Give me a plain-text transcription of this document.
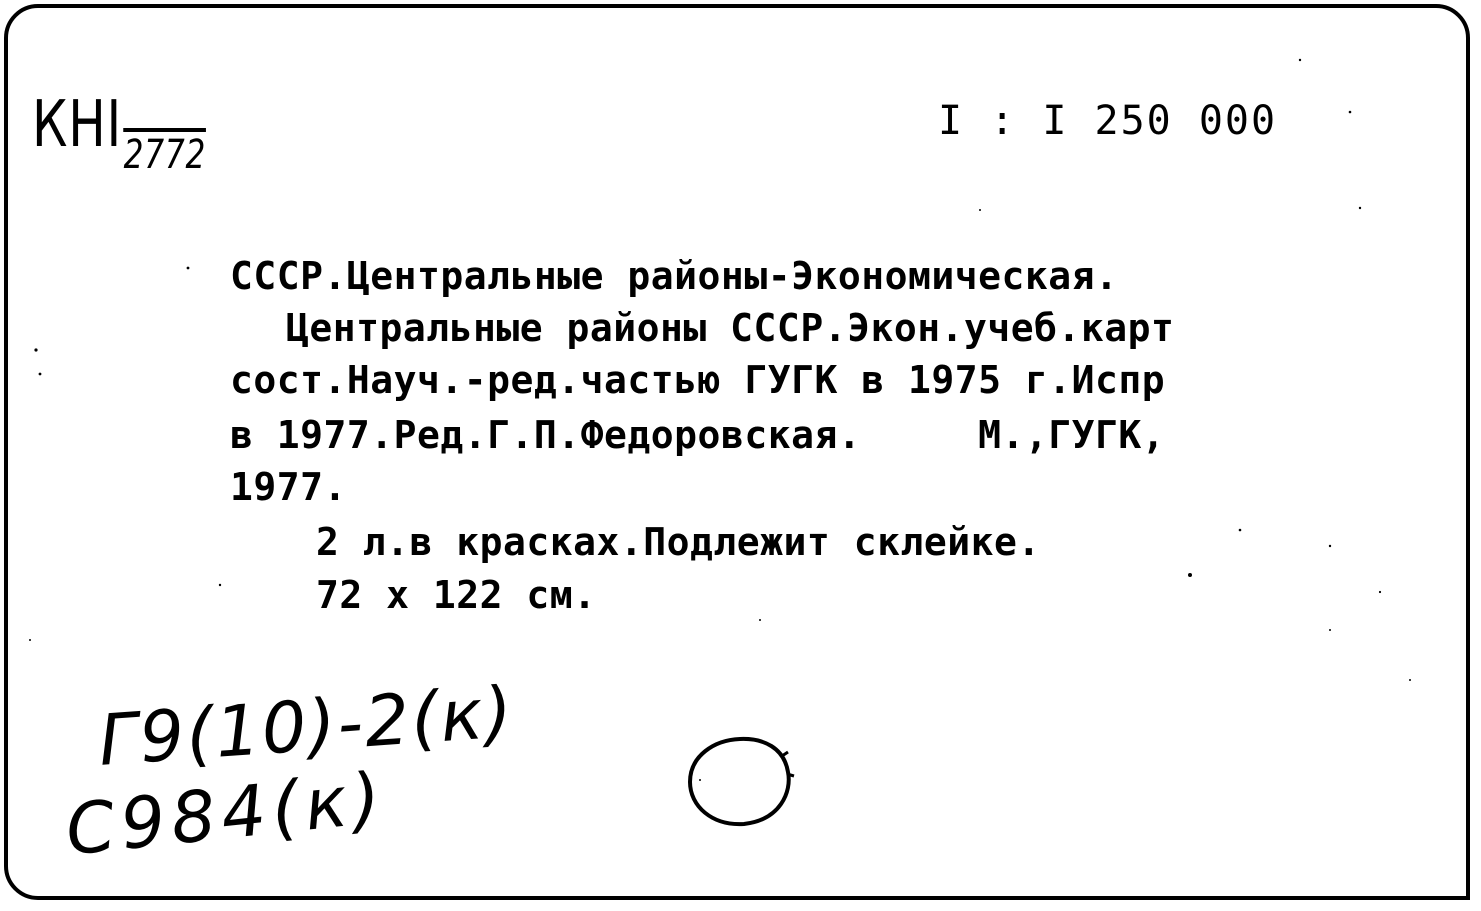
КНI2772
I : I 250 000
СССР.Центральные районы-Экономическая.
Центральные районы СССР.Экон.учеб.карт
сост.Науч.-ред.частью ГУГК в 1975 г.Испр
в 1977.Ред.Г.П.Федоровская.     М.,ГУГК,
1977.
2 л.в красках.Подлежит склейке.
72 x 122 см.
Г9(10)-2(к)
С984(к)
